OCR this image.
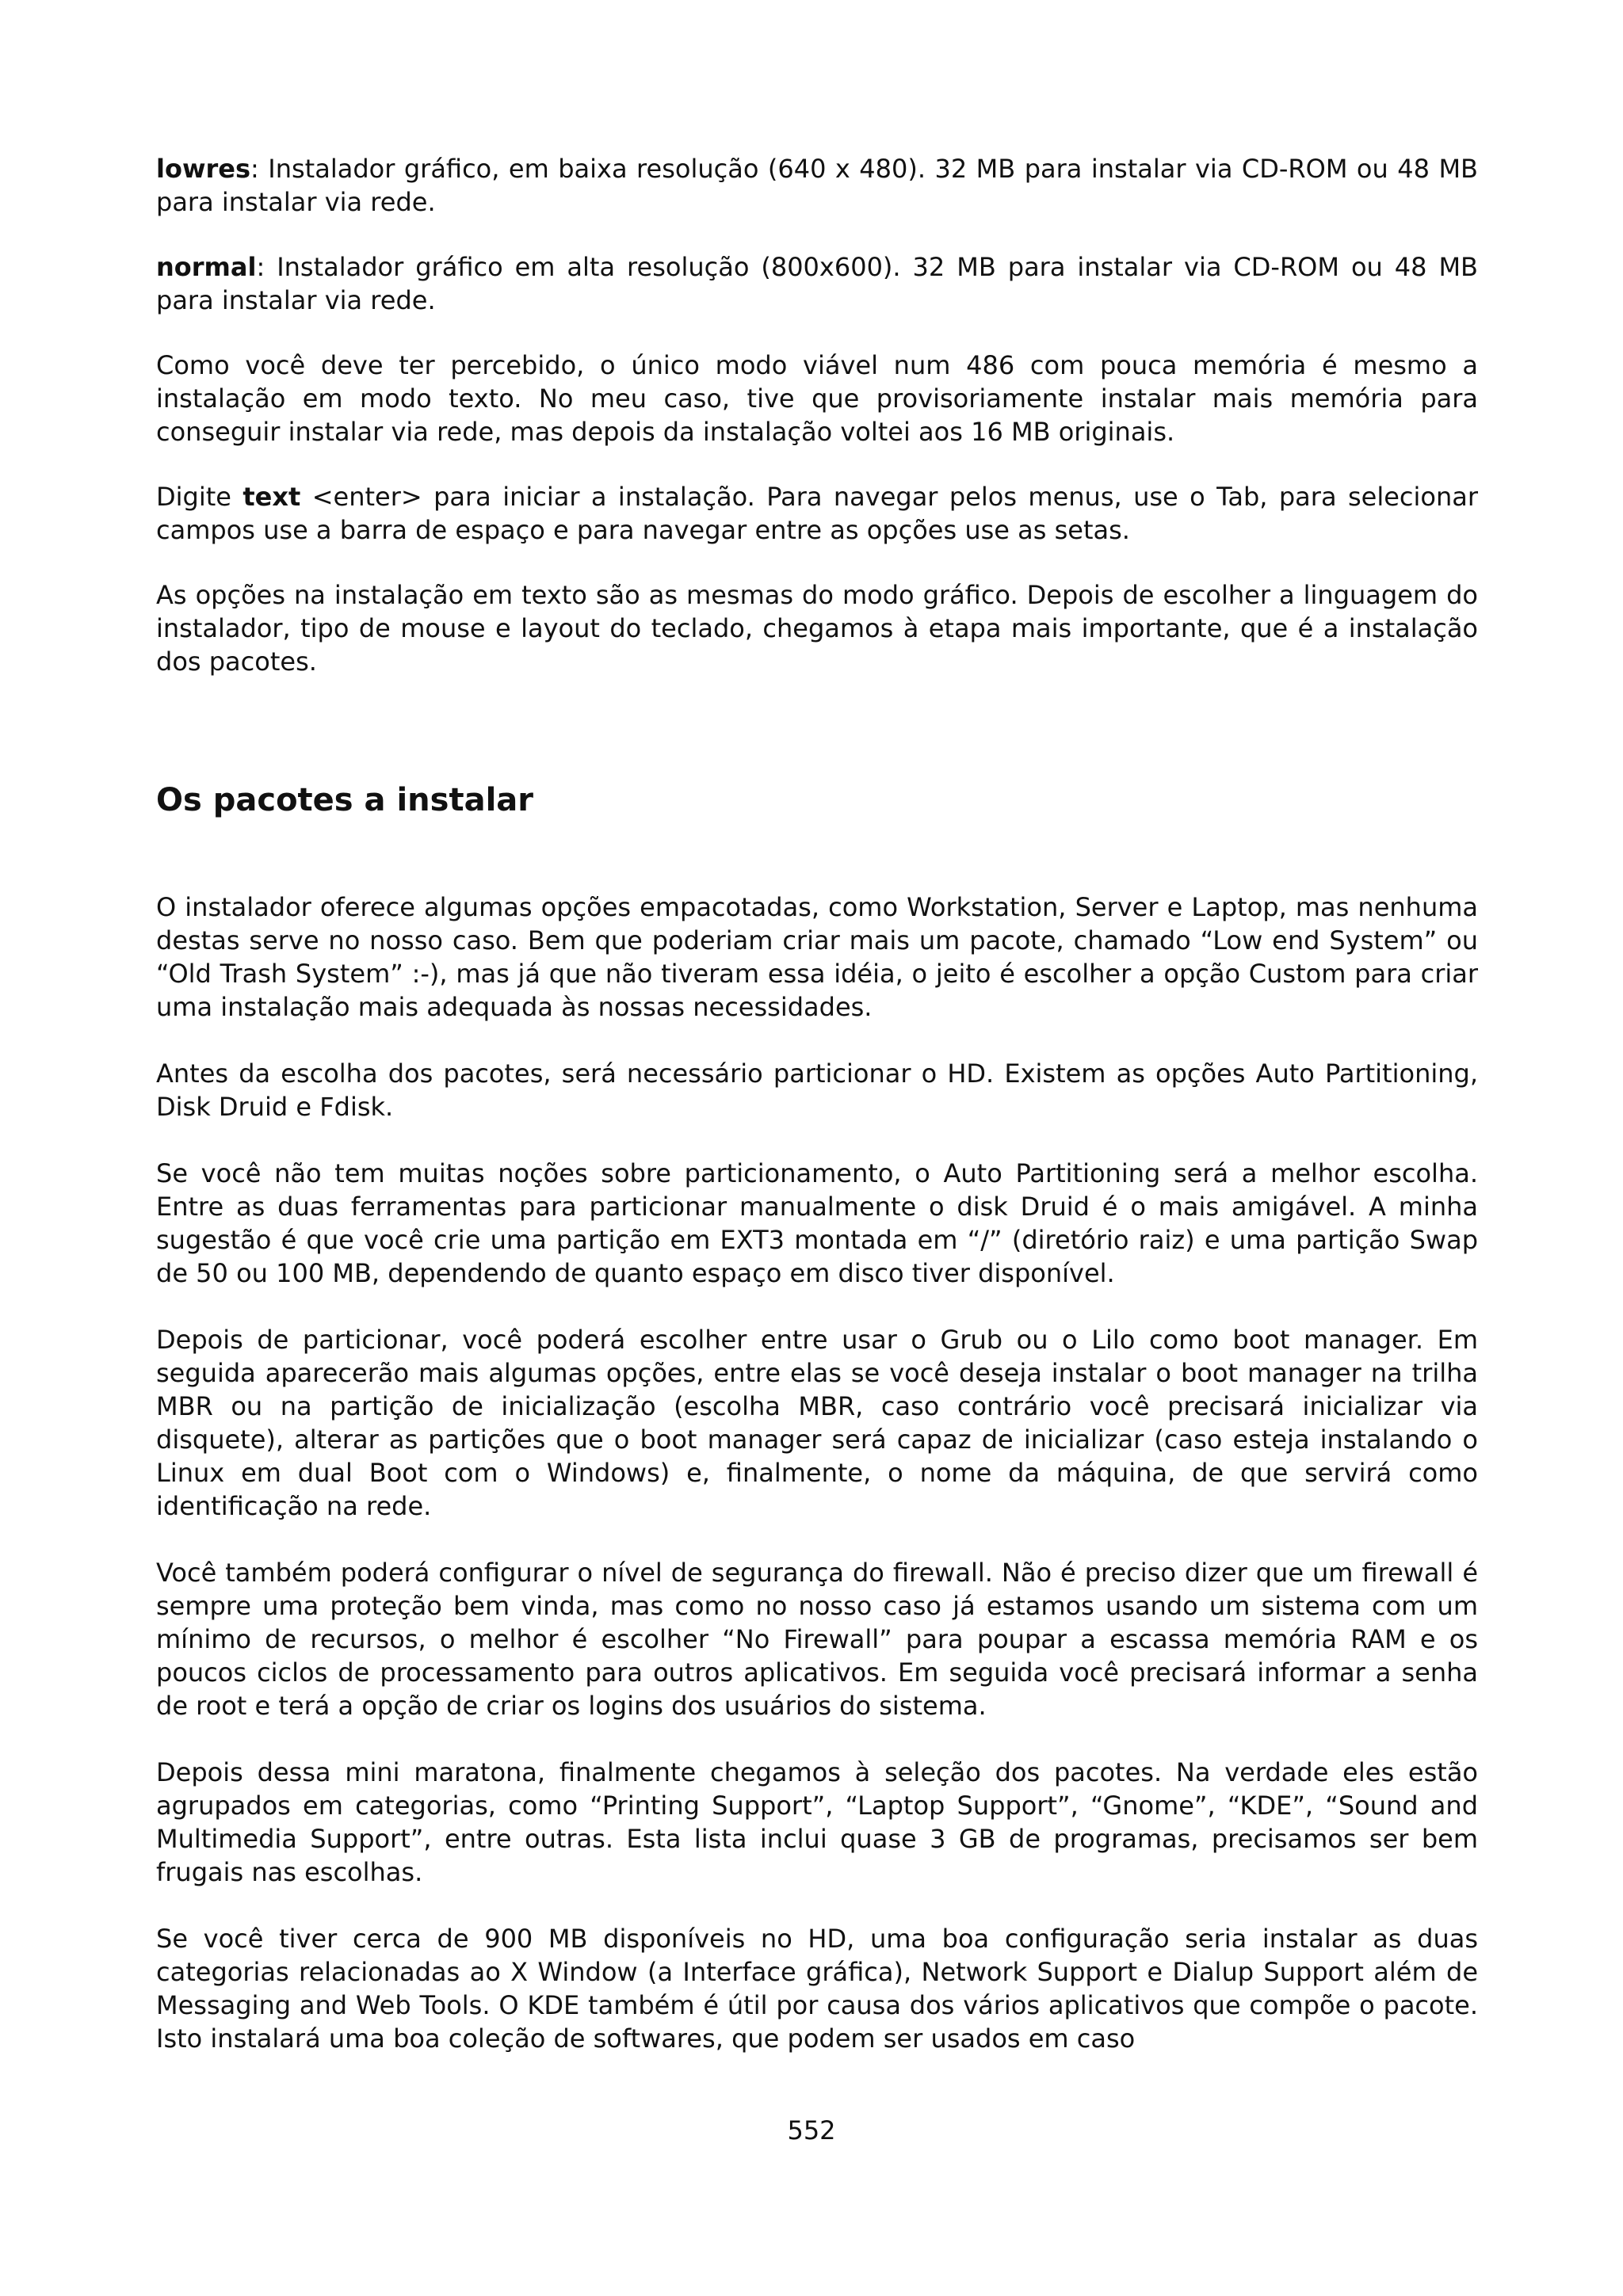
lowres: Instalador gráfico, em baixa resolução (640 x 480). 32 MB para instalar via CD-ROM ou 48 MB para instalar via rede.

normal: Instalador gráfico em alta resolução (800x600). 32 MB para instalar via CD-ROM ou 48 MB para instalar via rede.

Como você deve ter percebido, o único modo viável num 486 com pouca memória é mesmo a instalação em modo texto. No meu caso, tive que provisoriamente instalar mais memória para conseguir instalar via rede, mas depois da instalação voltei aos 16 MB originais.

Digite text <enter> para iniciar a instalação. Para navegar pelos menus, use o Tab, para selecionar campos use a barra de espaço e para navegar entre as opções use as setas.

As opções na instalação em texto são as mesmas do modo gráfico. Depois de escolher a linguagem do instalador, tipo de mouse e layout do teclado, chegamos à etapa mais importante, que é a instalação dos pacotes.

Os pacotes a instalar

O instalador oferece algumas opções empacotadas, como Workstation, Server e Laptop, mas nenhuma destas serve no nosso caso. Bem que poderiam criar mais um pacote, chamado “Low end System” ou “Old Trash System” :-), mas já que não tiveram essa idéia, o jeito é escolher a opção Custom para criar uma instalação mais adequada às nossas necessidades.

Antes da escolha dos pacotes, será necessário particionar o HD. Existem as opções Auto Partitioning, Disk Druid e Fdisk.

Se você não tem muitas noções sobre particionamento, o Auto Partitioning será a melhor escolha. Entre as duas ferramentas para particionar manualmente o disk Druid é o mais amigável. A minha sugestão é que você crie uma partição em EXT3 montada em “/” (diretório raiz) e uma partição Swap de 50 ou 100 MB, dependendo de quanto espaço em disco tiver disponível.

Depois de particionar, você poderá escolher entre usar o Grub ou o Lilo como boot manager. Em seguida aparecerão mais algumas opções, entre elas se você deseja instalar o boot manager na trilha MBR ou na partição de inicialização (escolha MBR, caso contrário você precisará inicializar via disquete), alterar as partições que o boot manager será capaz de inicializar (caso esteja instalando o Linux em dual Boot com o Windows) e, finalmente, o nome da máquina, de que servirá como identificação na rede.

Você também poderá configurar o nível de segurança do firewall. Não é preciso dizer que um firewall é sempre uma proteção bem vinda, mas como no nosso caso já estamos usando um sistema com um mínimo de recursos, o melhor é escolher “No Firewall” para poupar a escassa memória RAM e os poucos ciclos de processamento para outros aplicativos. Em seguida você precisará informar a senha de root e terá a opção de criar os logins dos usuários do sistema.

Depois dessa mini maratona, finalmente chegamos à seleção dos pacotes. Na verdade eles estão agrupados em categorias, como “Printing Support”, “Laptop Support”, “Gnome”, “KDE”, “Sound and Multimedia Support”, entre outras. Esta lista inclui quase 3 GB de programas, precisamos ser bem frugais nas escolhas.

Se você tiver cerca de 900 MB disponíveis no HD, uma boa configuração seria instalar as duas categorias relacionadas ao X Window (a Interface gráfica), Network Support e Dialup Support além de Messaging and Web Tools. O KDE também é útil por causa dos vários aplicativos que compõe o pacote. Isto instalará uma boa coleção de softwares, que podem ser usados em caso

552
